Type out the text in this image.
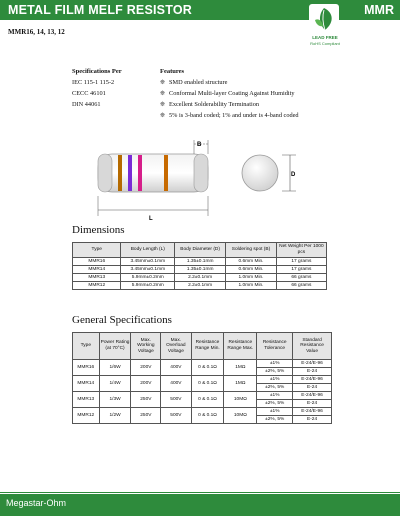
METAL FILM MELF RESISTOR	MMR
LEAD FREE
RoHS Compliant
MMR16, 14, 13, 12
Specifications Per
IEC 115-1 115-2
CECC 46101
DIN 44061
Features
❊ SMD enabled structure
❊ Conformal Multi-layer Coating Against Humidity
❊ Excellent Solderability Termination
❊ 5% is 3-band coded; 1% and under is 4-band coded
B
L
D
Dimensions
Type	Body Length (L)	Body Diameter (D)	Soldering spot (B)	Net Weight Per 1000 pcs
MMR16	3.45mm±0.1mm	1.35±0.1mm	0.6mm Min.	17 grams
MMR14	3.45mm±0.1mm	1.35±0.1mm	0.6mm Min.	17 grams
MMR13	5.9mm±0.2mm	2.2±0.1mm	1.0mm Min.	66 grams
MMR12	5.9mm±0.2mm	2.2±0.1mm	1.0mm Min.	66 grams
General Specifications
Type	Power Rating (at 70°C)	Max. Working Voltage	Max. Overload Voltage	Resistance Range Min.	Resistance Range Max.	Resistance Tolerance	Standard Resistance Value
MMR16	1/6W	200V	400V	0 & 0.1Ω	1MΩ	±1%	E-24/E-96
						±2%, 5%	E-24
MMR14	1/4W	200V	400V	0 & 0.1Ω	1MΩ	±1%	E-24/E-96
						±2%, 5%	E-24
MMR13	1/3W	250V	500V	0 & 0.1Ω	10MΩ	±1%	E-24/E-96
						±2%, 5%	E-24
MMR12	1/2W	250V	500V	0 & 0.1Ω	10MΩ	±1%	E-24/E-96
						±2%, 5%	E-24
Megastar-Ohm
